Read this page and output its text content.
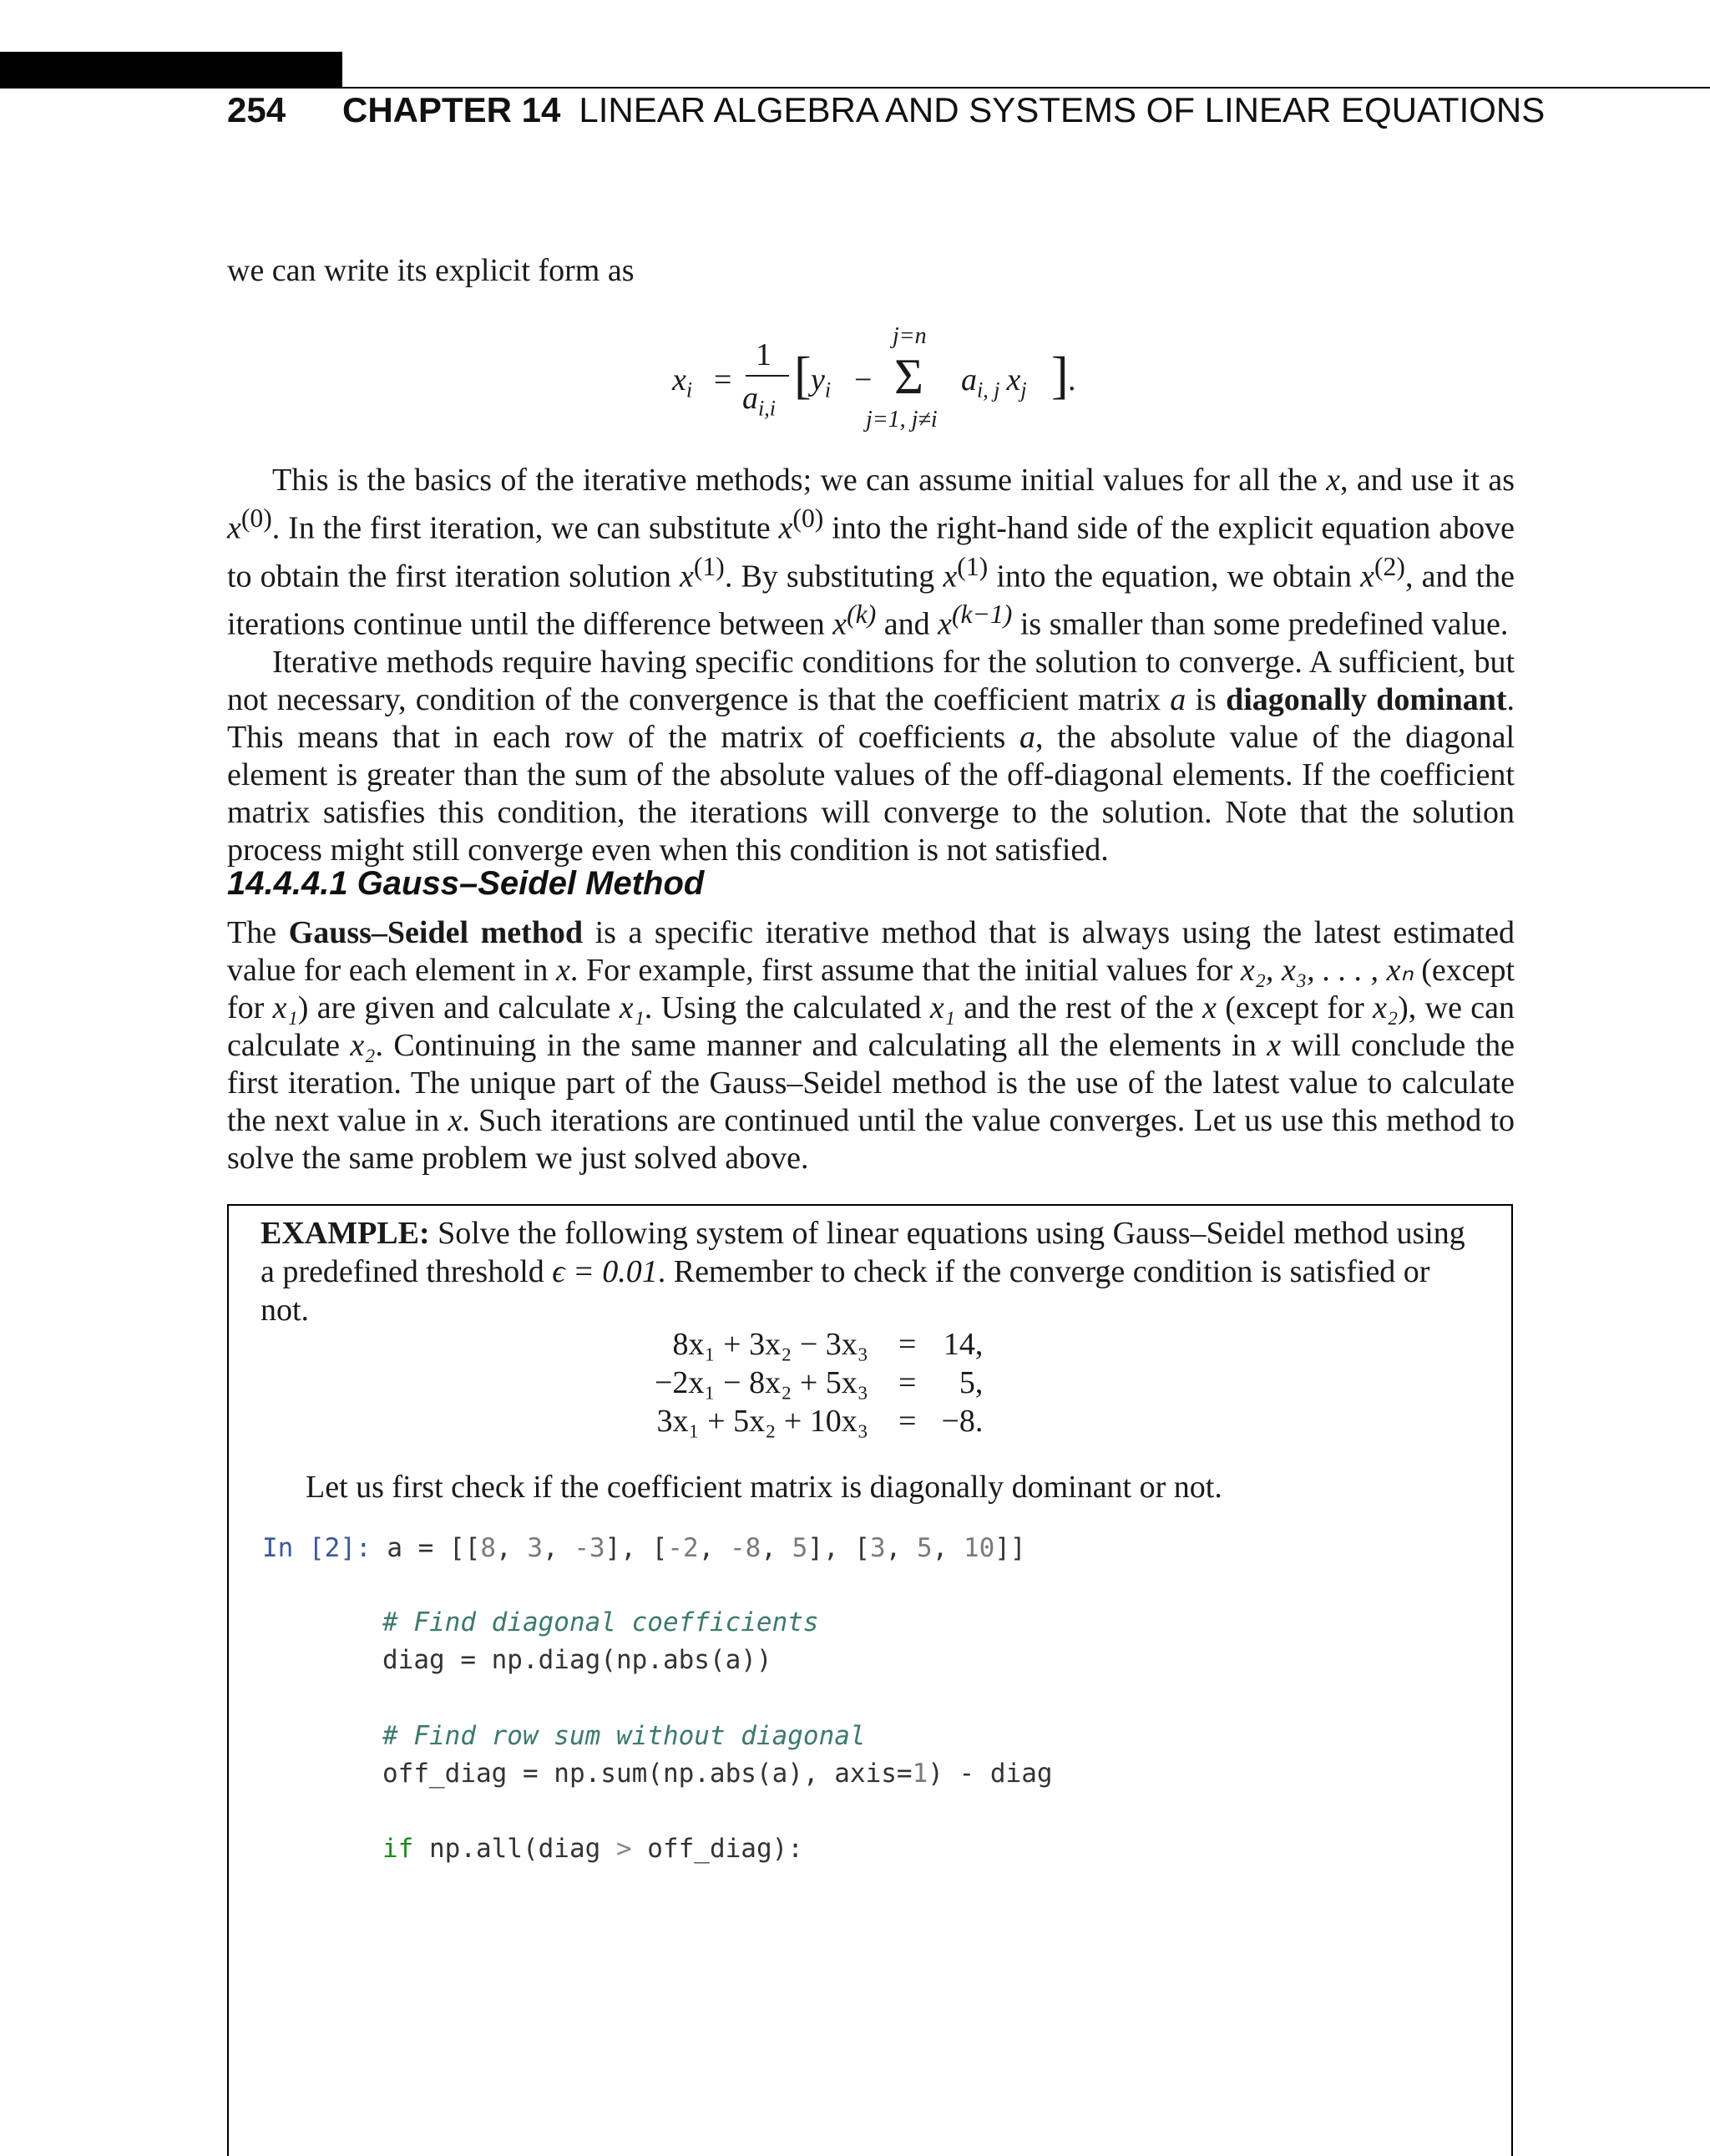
254	CHAPTER 14 LINEAR ALGEBRA AND SYSTEMS OF LINEAR EQUATIONS

we can write its explicit form as

$x_i$ =
1
$a_{i,i}$
[ $y_i$ −
j=n
Σ
j=1, j≠i
$a_{i, j}$ $x_j$ ] .

This is the basics of the iterative methods; we can assume initial values for all the x, and use it as $x^{(0)}$. In the first iteration, we can substitute $x^{(0)}$ into the right-hand side of the explicit equation above to obtain the first iteration solution $x^{(1)}$. By substituting $x^{(1)}$ into the equation, we obtain $x^{(2)}$, and the iterations continue until the difference between $x^{(k)}$ and $x^{(k-1)}$ is smaller than some predefined value.

Iterative methods require having specific conditions for the solution to converge. A sufficient, but not necessary, condition of the convergence is that the coefficient matrix a is diagonally dominant. This means that in each row of the matrix of coefficients a, the absolute value of the diagonal element is greater than the sum of the absolute values of the off-diagonal elements. If the coefficient matrix satisfies this condition, the iterations will converge to the solution. Note that the solution process might still converge even when this condition is not satisfied.

14.4.4.1 Gauss–Seidel Method

The Gauss–Seidel method is a specific iterative method that is always using the latest estimated value for each element in x. For example, first assume that the initial values for x₂, x₃, . . . , xₙ (except for x₁) are given and calculate x₁. Using the calculated x₁ and the rest of the x (except for x₂), we can calculate x₂. Continuing in the same manner and calculating all the elements in x will conclude the first iteration. The unique part of the Gauss–Seidel method is the use of the latest value to calculate the next value in x. Such iterations are continued until the value converges. Let us use this method to solve the same problem we just solved above.

EXAMPLE: Solve the following system of linear equations using Gauss–Seidel method using a predefined threshold ϵ = 0.01. Remember to check if the converge condition is satisfied or not.

8x₁ + 3x₂ − 3x₃	=	14,
−2x₁ − 8x₂ + 5x₃	=	5,
3x₁ + 5x₂ + 10x₃	=	−8.
Let us first check if the coefficient matrix is diagonally dominant or not.
In [2]: a = [[8, 3, -3], [-2, -8, 5], [3, 5, 10]]
# Find diagonal coefficients
diag = np.diag(np.abs(a))
# Find row sum without diagonal
off_diag = np.sum(np.abs(a), axis=1) - diag
if np.all(diag > off_diag):
